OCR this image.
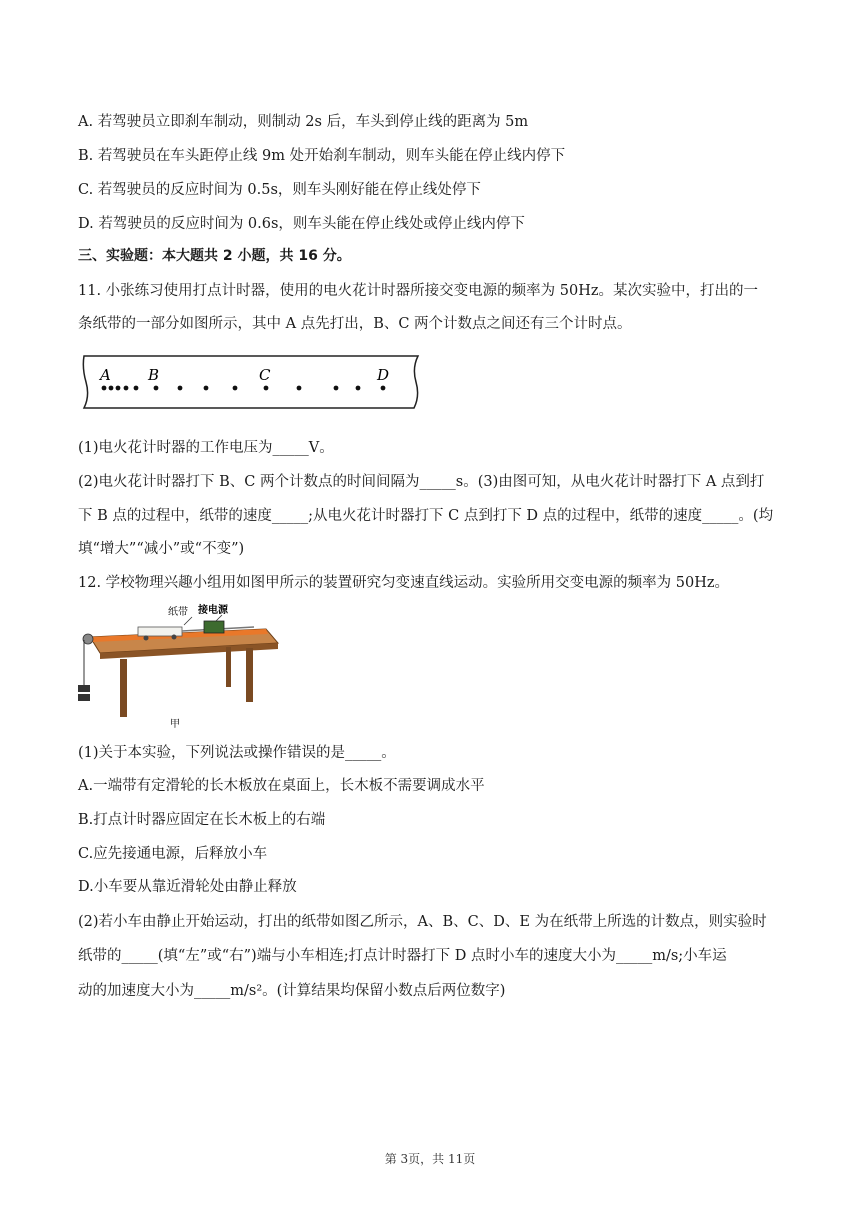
A. 若驾驶员立即刹车制动，则制动 2s 后，车头到停止线的距离为 5m
B. 若驾驶员在车头距停止线 9m 处开始刹车制动，则车头能在停止线内停下
C. 若驾驶员的反应时间为 0.5s，则车头刚好能在停止线处停下
D. 若驾驶员的反应时间为 0.6s，则车头能在停止线处或停止线内停下
三、实验题：本大题共 2 小题，共 16 分。
11. 小张练习使用打点计时器，使用的电火花计时器所接交变电源的频率为 50Hz。某次实验中，打出的一
条纸带的一部分如图所示，其中 A 点先打出，B、C 两个计数点之间还有三个计时点。
A B	C	D
(1)电火花计时器的工作电压为_____V。
(2)电火花计时器打下 B、C 两个计数点的时间间隔为_____s。(3)由图可知，从电火花计时器打下 A 点到打
下 B 点的过程中，纸带的速度_____;从电火花计时器打下 C 点到打下 D 点的过程中，纸带的速度_____。(均
填“增大”“减小”或“不变”)
12. 学校物理兴趣小组用如图甲所示的装置研究匀变速直线运动。实验所用交变电源的频率为 50Hz。
纸带 接电源
甲
(1)关于本实验，下列说法或操作错误的是_____。
A.一端带有定滑轮的长木板放在桌面上，长木板不需要调成水平
B.打点计时器应固定在长木板上的右端
C.应先接通电源，后释放小车
D.小车要从靠近滑轮处由静止释放
(2)若小车由静止开始运动，打出的纸带如图乙所示，A、B、C、D、E 为在纸带上所选的计数点，则实验时
纸带的_____(填“左”或“右”)端与小车相连;打点计时器打下 D 点时小车的速度大小为_____m/s;小车运
动的加速度大小为_____m/s²。(计算结果均保留小数点后两位数字)
第 3页，共 11页
